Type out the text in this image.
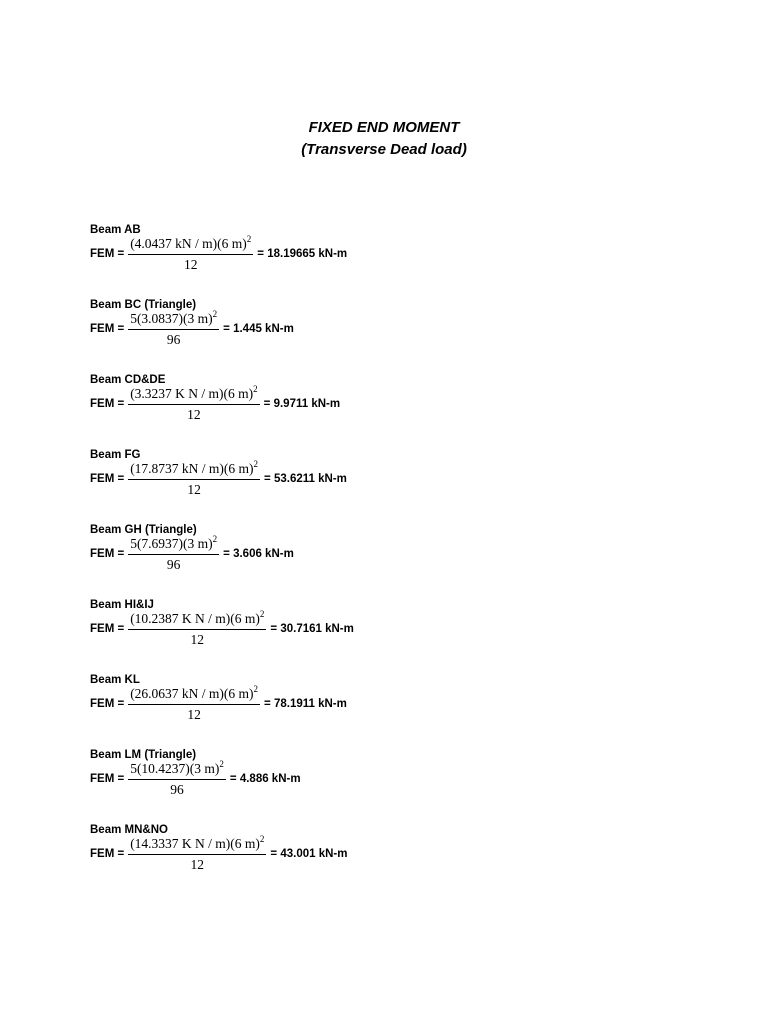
FIXED END MOMENT
(Transverse Dead load)
Beam AB
FEM = $\frac{(4.0437 kN / m)(6 m)^2}{12} = 18.19665$ kN-m
Beam BC (Triangle)
FEM = $\frac{5(3.0837)(3 m)^2}{96} = 1.445$ kN-m
Beam CD&DE
FEM = $\frac{(3.3237 K N / m)(6 m)^2}{12} = 9.9711$ kN-m
Beam FG
FEM = $\frac{(17.8737 kN / m)(6 m)^2}{12} = 53.6211$ kN-m
Beam GH (Triangle)
FEM = $\frac{5(7.6937)(3 m)^2}{96} = 3.606$ kN-m
Beam HI&IJ
FEM = $\frac{(10.2387 K N / m)(6 m)^2}{12} = 30.7161$ kN-m
Beam KL
FEM = $\frac{(26.0637 kN / m)(6 m)^2}{12} = 78.1911$ kN-m
Beam LM (Triangle)
FEM = $\frac{5(10.4237)(3 m)^2}{96} = 4.886$ kN-m
Beam MN&NO
FEM = $\frac{(14.3337 K N / m)(6 m)^2}{12} = 43.001$ kN-m
